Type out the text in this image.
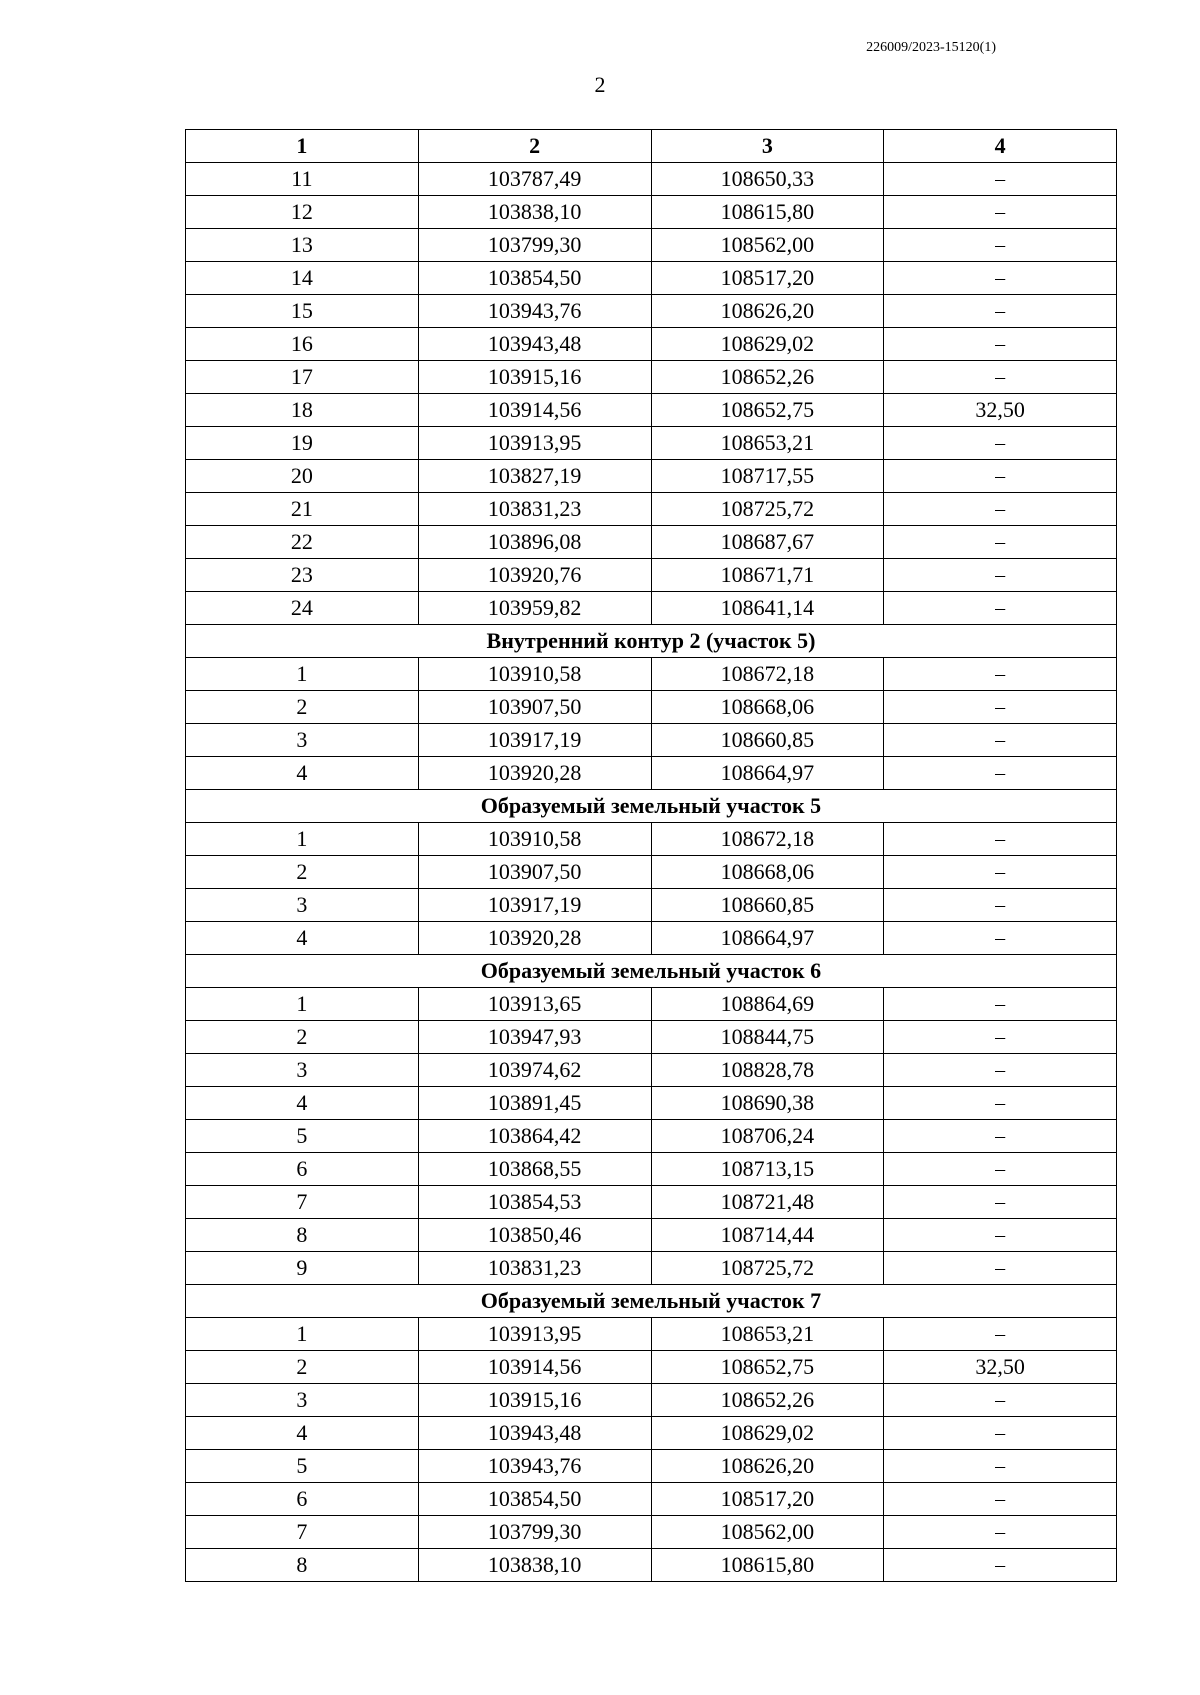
226009/2023-15120(1)
2
1	2	3	4
11	103787,49	108650,33	–
12	103838,10	108615,80	–
13	103799,30	108562,00	–
14	103854,50	108517,20	–
15	103943,76	108626,20	–
16	103943,48	108629,02	–
17	103915,16	108652,26	–
18	103914,56	108652,75	32,50
19	103913,95	108653,21	–
20	103827,19	108717,55	–
21	103831,23	108725,72	–
22	103896,08	108687,67	–
23	103920,76	108671,71	–
24	103959,82	108641,14	–
Внутренний контур 2 (участок 5)			
1	103910,58	108672,18	–
2	103907,50	108668,06	–
3	103917,19	108660,85	–
4	103920,28	108664,97	–
Образуемый земельный участок 5			
1	103910,58	108672,18	–
2	103907,50	108668,06	–
3	103917,19	108660,85	–
4	103920,28	108664,97	–
Образуемый земельный участок 6			
1	103913,65	108864,69	–
2	103947,93	108844,75	–
3	103974,62	108828,78	–
4	103891,45	108690,38	–
5	103864,42	108706,24	–
6	103868,55	108713,15	–
7	103854,53	108721,48	–
8	103850,46	108714,44	–
9	103831,23	108725,72	–
Образуемый земельный участок 7			
1	103913,95	108653,21	–
2	103914,56	108652,75	32,50
3	103915,16	108652,26	–
4	103943,48	108629,02	–
5	103943,76	108626,20	–
6	103854,50	108517,20	–
7	103799,30	108562,00	–
8	103838,10	108615,80	–
